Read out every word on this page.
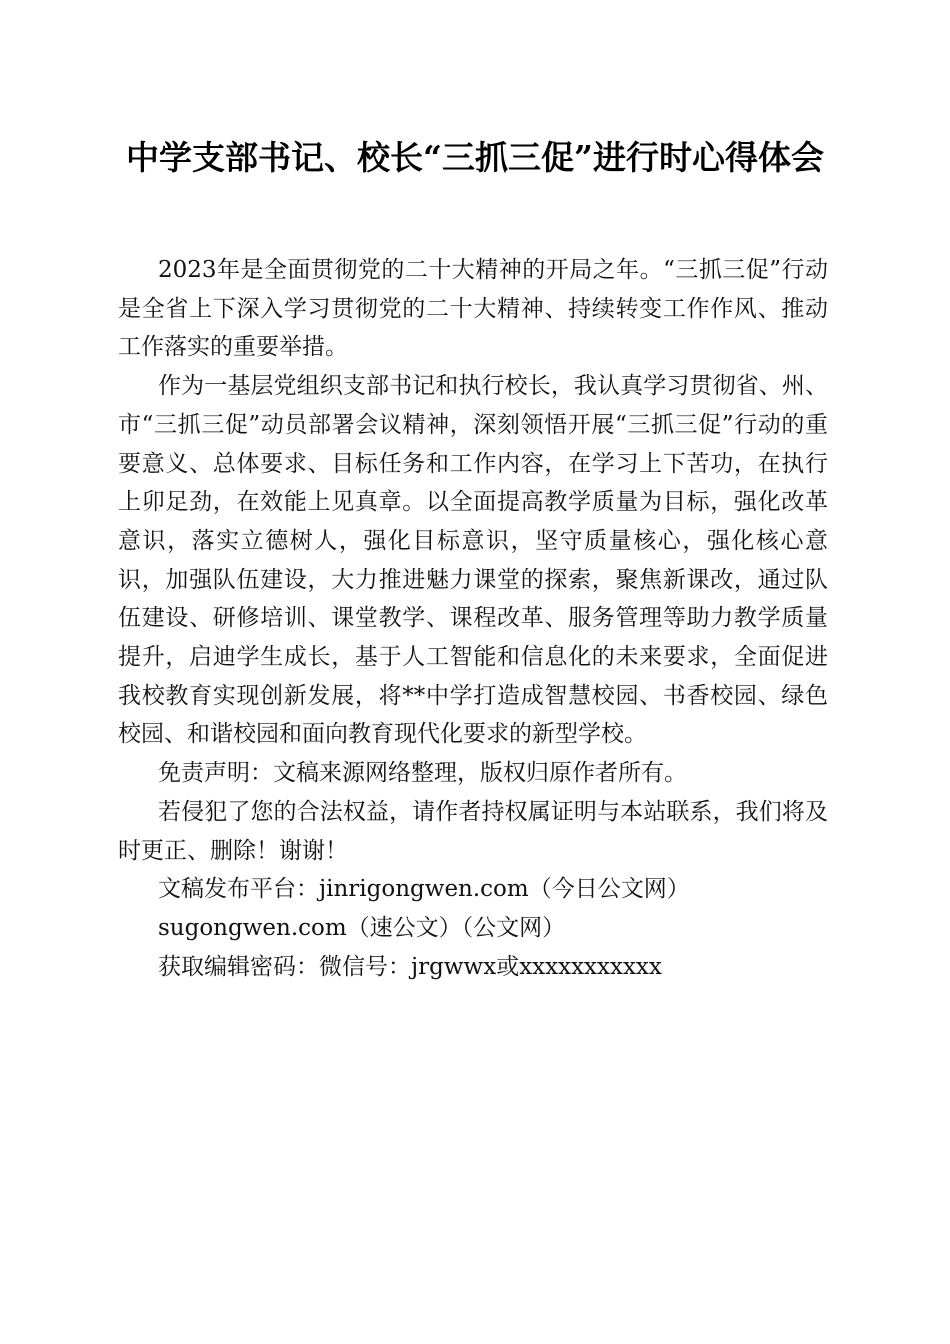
中学支部书记、校长“三抓三促”进行时心得体会

2023年是全面贯彻党的二十大精神的开局之年。“三抓三促”行动是全省上下深入学习贯彻党的二十大精神、持续转变工作作风、推动工作落实的重要举措。

作为一基层党组织支部书记和执行校长，我认真学习贯彻省、州、市“三抓三促”动员部署会议精神，深刻领悟开展“三抓三促”行动的重要意义、总体要求、目标任务和工作内容，在学习上下苦功，在执行上卯足劲，在效能上见真章。以全面提高教学质量为目标，强化改革意识，落实立德树人，强化目标意识，坚守质量核心，强化核心意识，加强队伍建设，大力推进魅力课堂的探索，聚焦新课改，通过队伍建设、研修培训、课堂教学、课程改革、服务管理等助力教学质量提升，启迪学生成长，基于人工智能和信息化的未来要求，全面促进我校教育实现创新发展，将**中学打造成智慧校园、书香校园、绿色校园、和谐校园和面向教育现代化要求的新型学校。

免责声明：文稿来源网络整理，版权归原作者所有。

若侵犯了您的合法权益，请作者持权属证明与本站联系，我们将及时更正、删除！谢谢！

文稿发布平台：jinrigongwen.com（今日公文网）

sugongwen.com（速公文）（公文网）

获取编辑密码：微信号：jrgwwx或xxxxxxxxxxx
